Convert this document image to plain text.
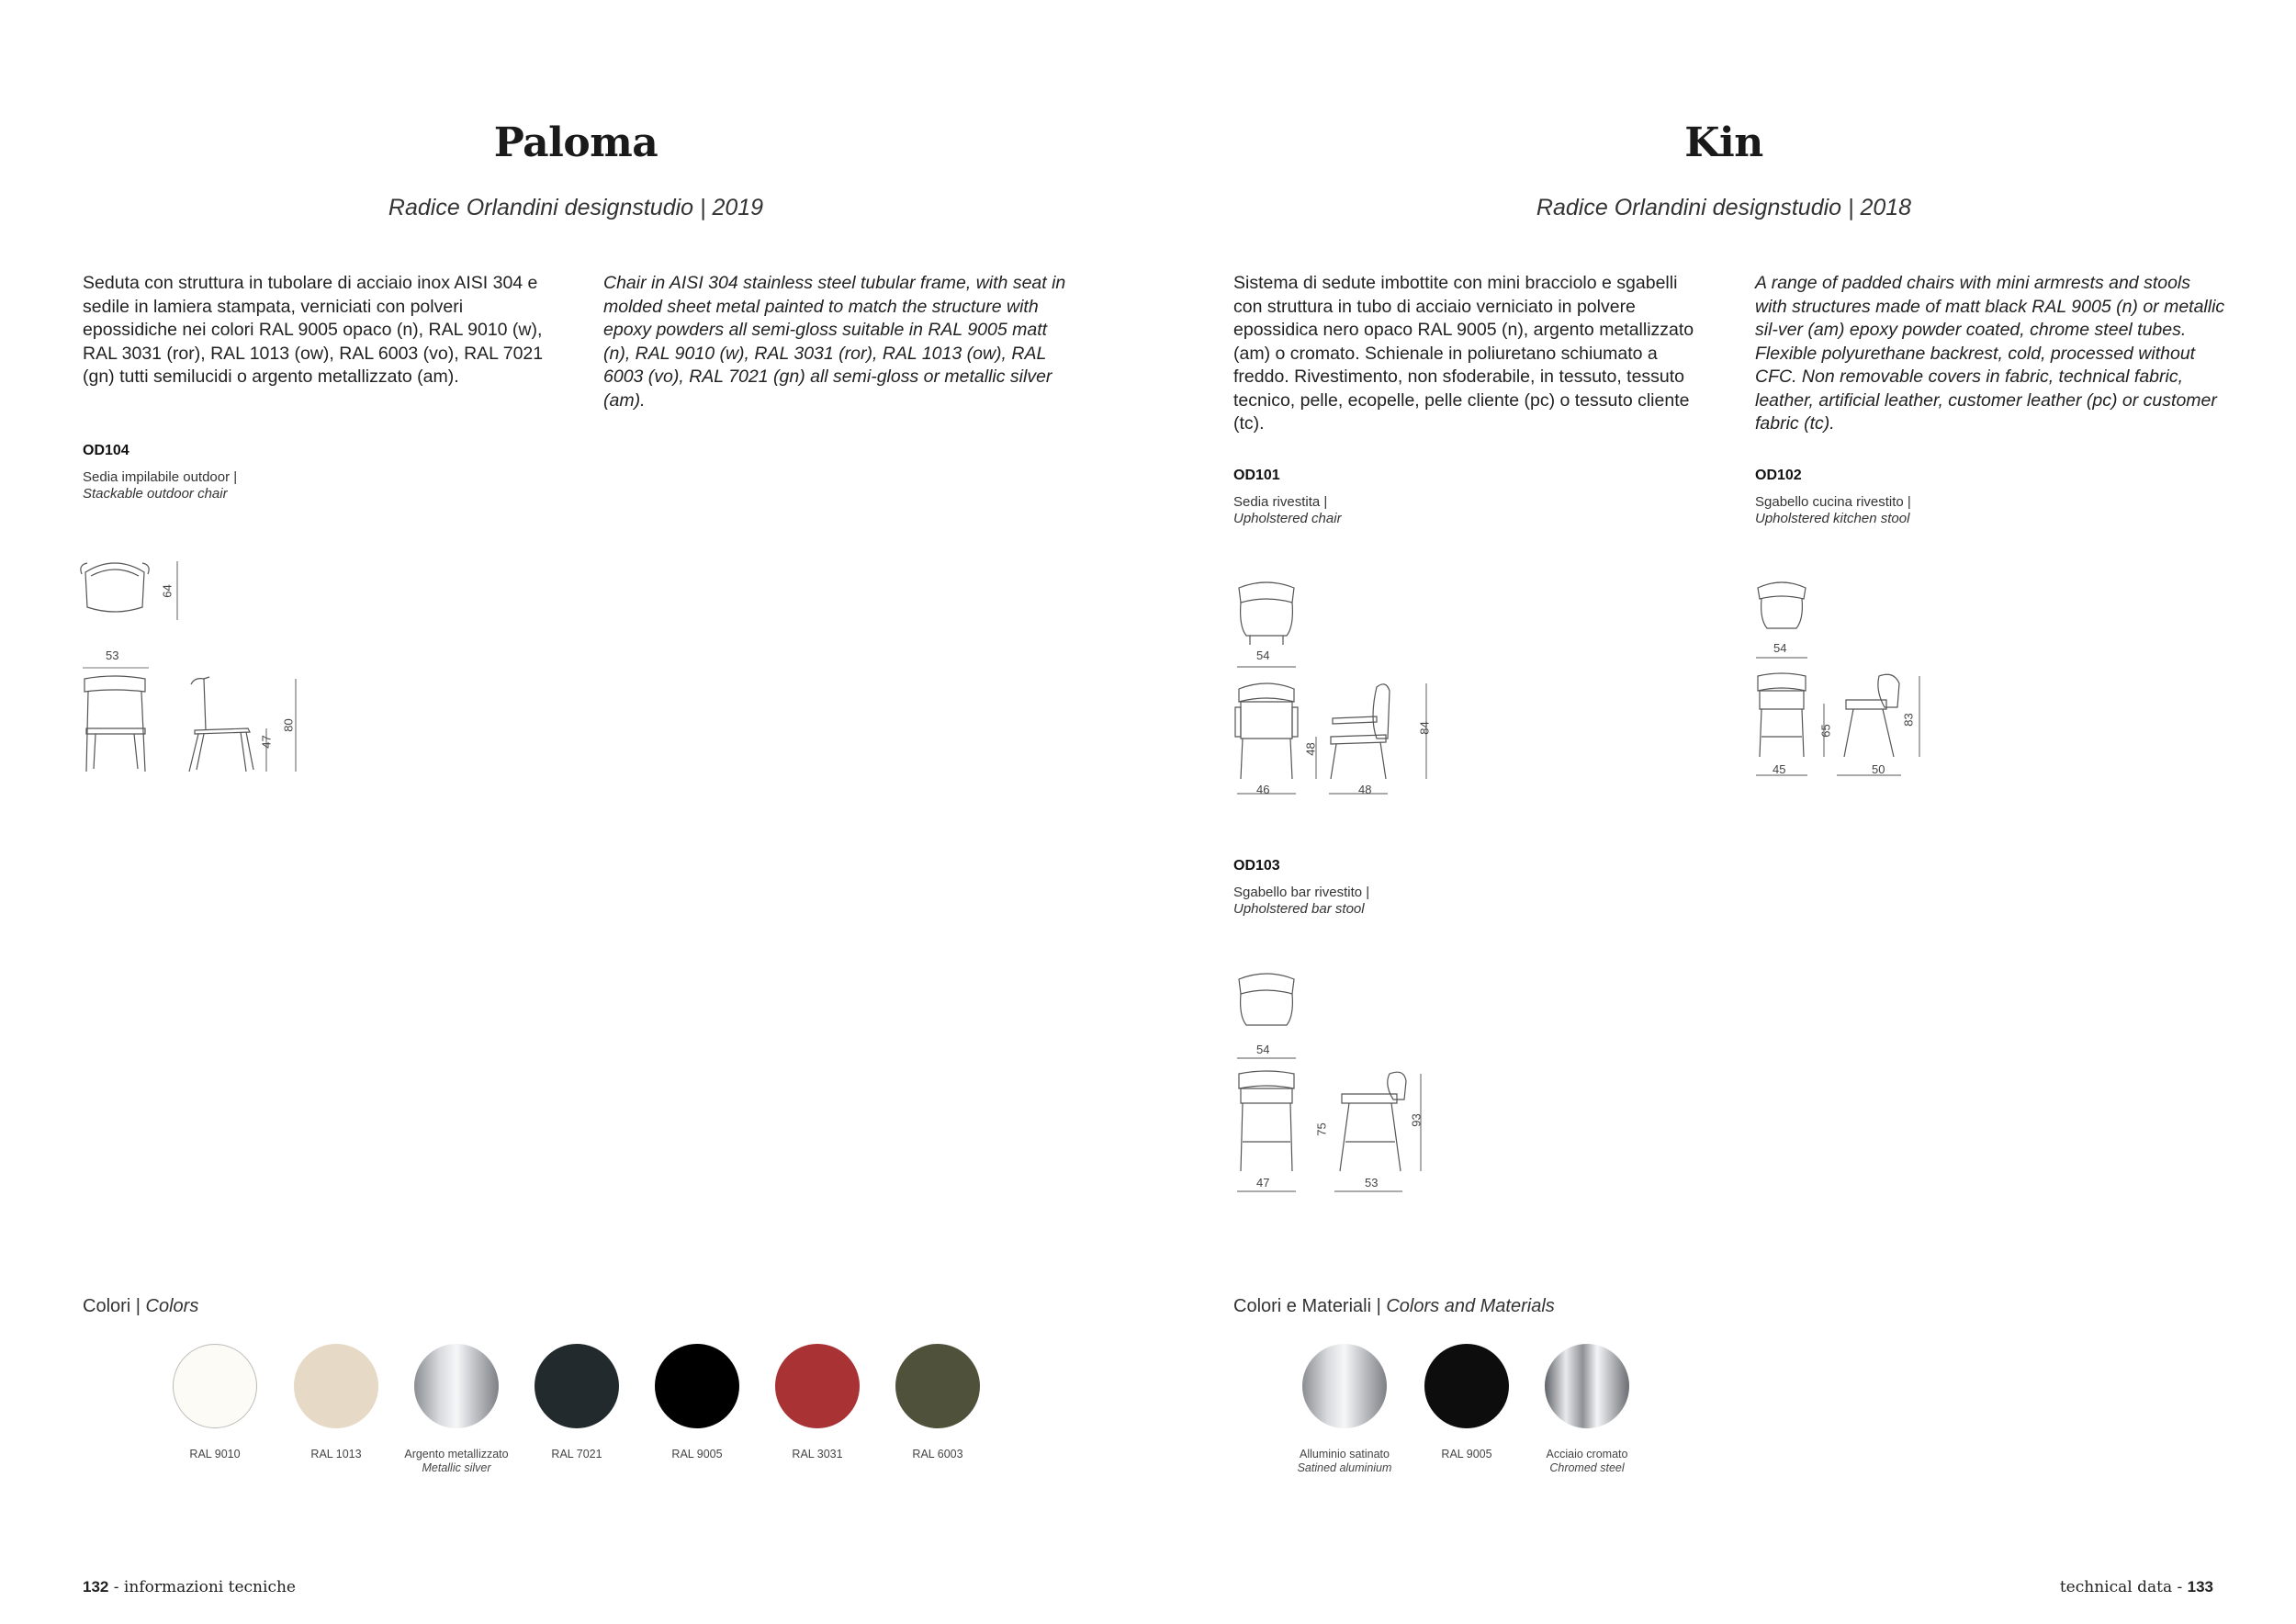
Paloma
Radice Orlandini designstudio | 2019
Seduta con struttura in tubolare di acciaio inox AISI 304 e sedile in lamiera stampata, verniciati con polveri epossidiche nei colori RAL 9005 opaco (n), RAL 9010 (w), RAL 3031 (ror), RAL 1013 (ow), RAL 6003 (vo), RAL 7021 (gn) tutti semilucidi o argento metallizzato (am).
Chair in AISI 304 stainless steel tubular frame, with seat in molded sheet metal painted to match the structure with epoxy powders all semi-gloss suitable in RAL 9005 matt (n), RAL 9010 (w), RAL 3031 (ror), RAL 1013 (ow), RAL 6003 (vo), RAL 7021 (gn) all semi-gloss or metallic silver (am).
OD104
Sedia impilabile outdoor |
Stackable outdoor chair
64
53
47
80
Colori | Colors
RAL 9010	RAL 1013	Argento metallizzato
Metallic silver
RAL 7021	RAL 9005	RAL 3031	RAL 6003
132 - informazioni tecniche
Kin
Radice Orlandini designstudio | 2018
Sistema di sedute imbottite con mini bracciolo e sgabelli con struttura in tubo di acciaio verniciato in polvere epossidica nero opaco RAL 9005 (n), argento metallizzato (am) o cromato. Schienale in poliuretano schiumato a freddo. Rivestimento, non sfoderabile, in tessuto, tessuto tecnico, pelle, ecopelle, pelle cliente (pc) o tessuto cliente (tc).
A range of padded chairs with mini armrests and stools with structures made of matt black RAL 9005 (n) or metallic sil-ver (am) epoxy powder coated, chrome steel tubes. Flexible polyurethane backrest, cold, processed without CFC. Non removable covers in fabric, technical fabric, leather, artificial leather, customer leather (pc) or customer fabric (tc).
OD101
Sedia rivestita |
Upholstered chair
54
46
48
48
84
OD102
Sgabello cucina rivestito |
Upholstered kitchen stool
54
45
65
50
83
OD103
Sgabello bar rivestito |
Upholstered bar stool
54
47
75
53
93
Colori e Materiali | Colors and Materials
Alluminio satinato
Satined aluminium
RAL 9005	Acciaio cromato
Chromed steel
technical data - 133
